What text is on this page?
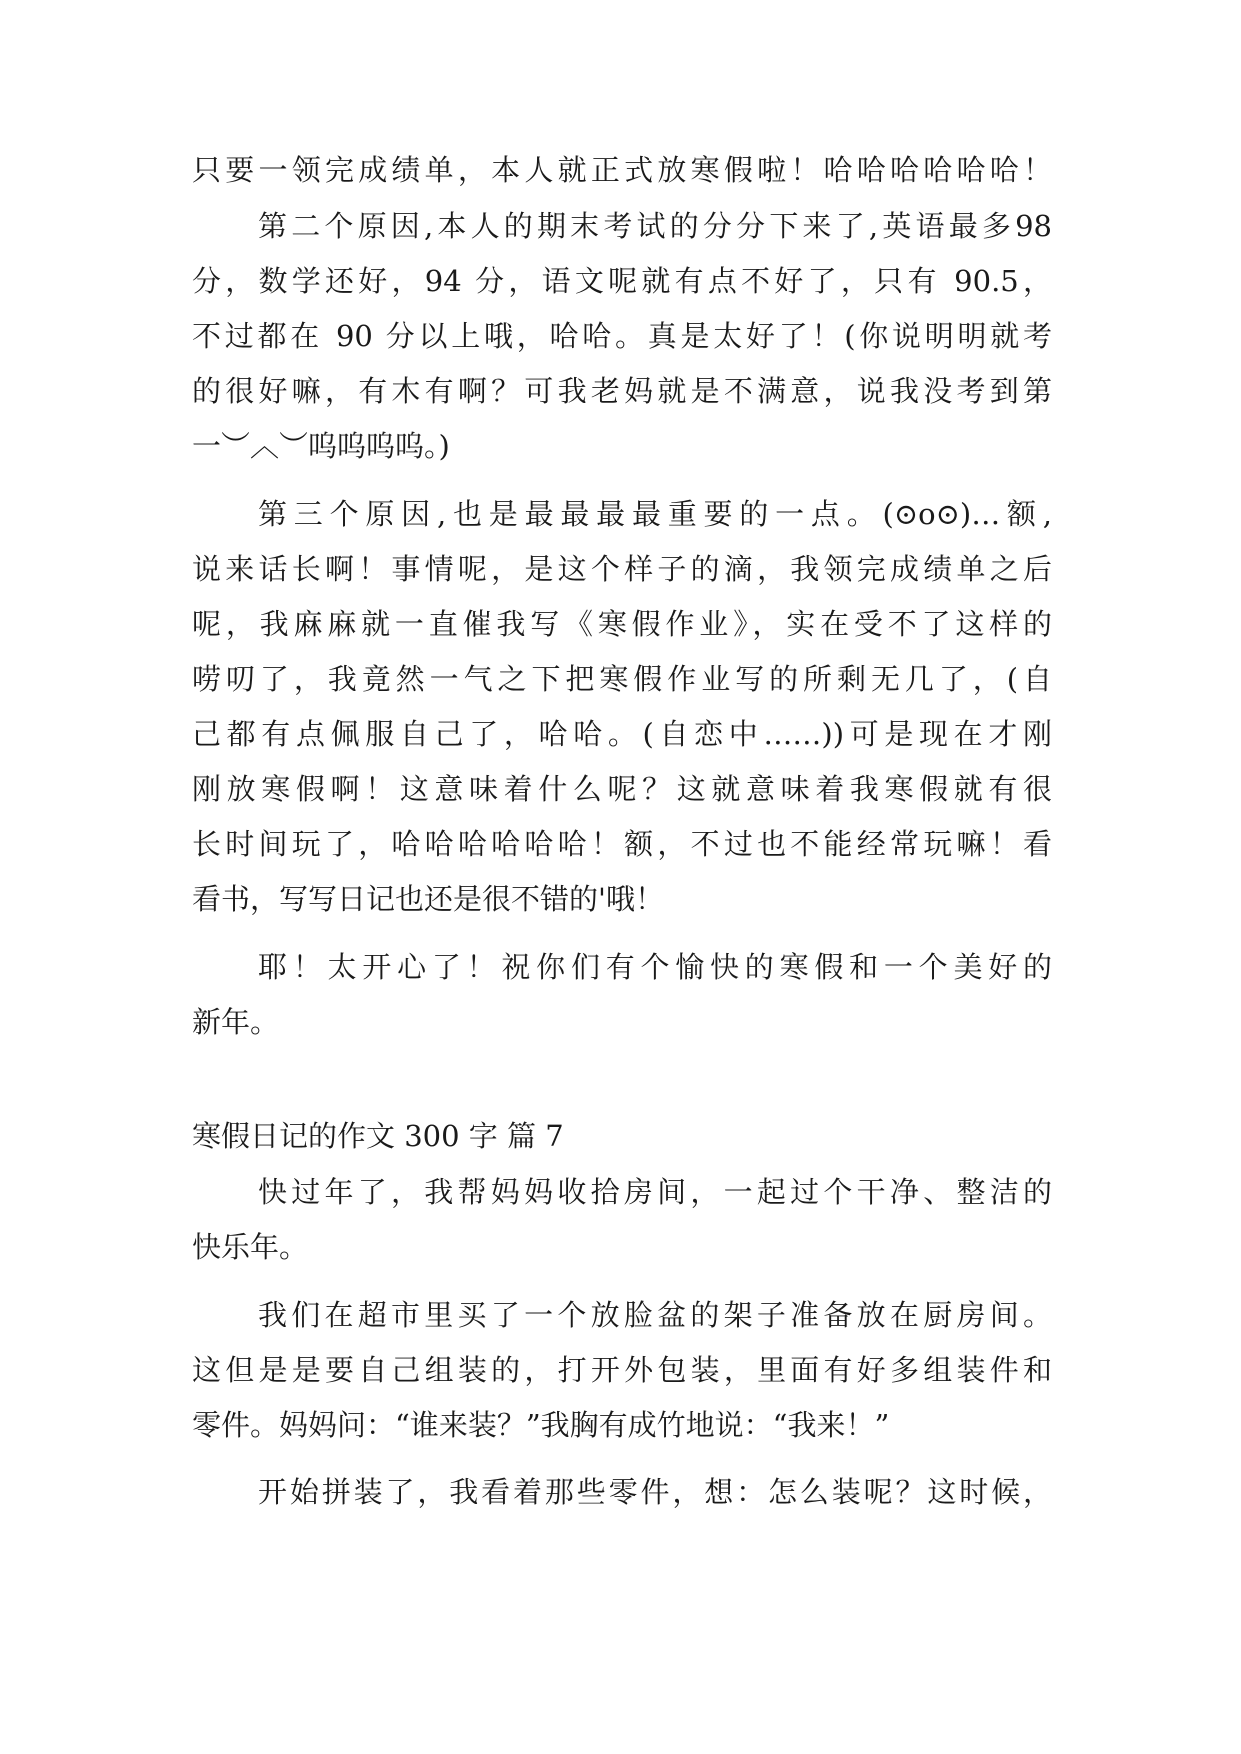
只要一领完成绩单，本人就正式放寒假啦！哈哈哈哈哈哈！
第二个原因,本人的期末考试的分分下来了,英语最多98
分，数学还好，94 分，语文呢就有点不好了，只有 90.5，
不过都在 90 分以上哦，哈哈。真是太好了！(你说明明就考
的很好嘛，有木有啊？可我老妈就是不满意，说我没考到第
一︶︿︶呜呜呜呜。)
第三个原因,也是最最最最重要的一点。(⊙o⊙)…额,
说来话长啊！事情呢，是这个样子的滴，我领完成绩单之后
呢，我麻麻就一直催我写《寒假作业》，实在受不了这样的
唠叨了，我竟然一气之下把寒假作业写的所剩无几了，(自
己都有点佩服自己了，哈哈。(自恋中……))可是现在才刚
刚放寒假啊！这意味着什么呢？这就意味着我寒假就有很
长时间玩了，哈哈哈哈哈哈！额，不过也不能经常玩嘛！看
看书，写写日记也还是很不错的'哦！
耶！太开心了！祝你们有个愉快的寒假和一个美好的
新年。
寒假日记的作文 300 字 篇 7
快过年了，我帮妈妈收拾房间，一起过个干净、整洁的
快乐年。
我们在超市里买了一个放脸盆的架子准备放在厨房间。
这但是是要自己组装的，打开外包装，里面有好多组装件和
零件。妈妈问：“谁来装？”我胸有成竹地说：“我来！”
开始拼装了，我看着那些零件，想：怎么装呢？这时候，
